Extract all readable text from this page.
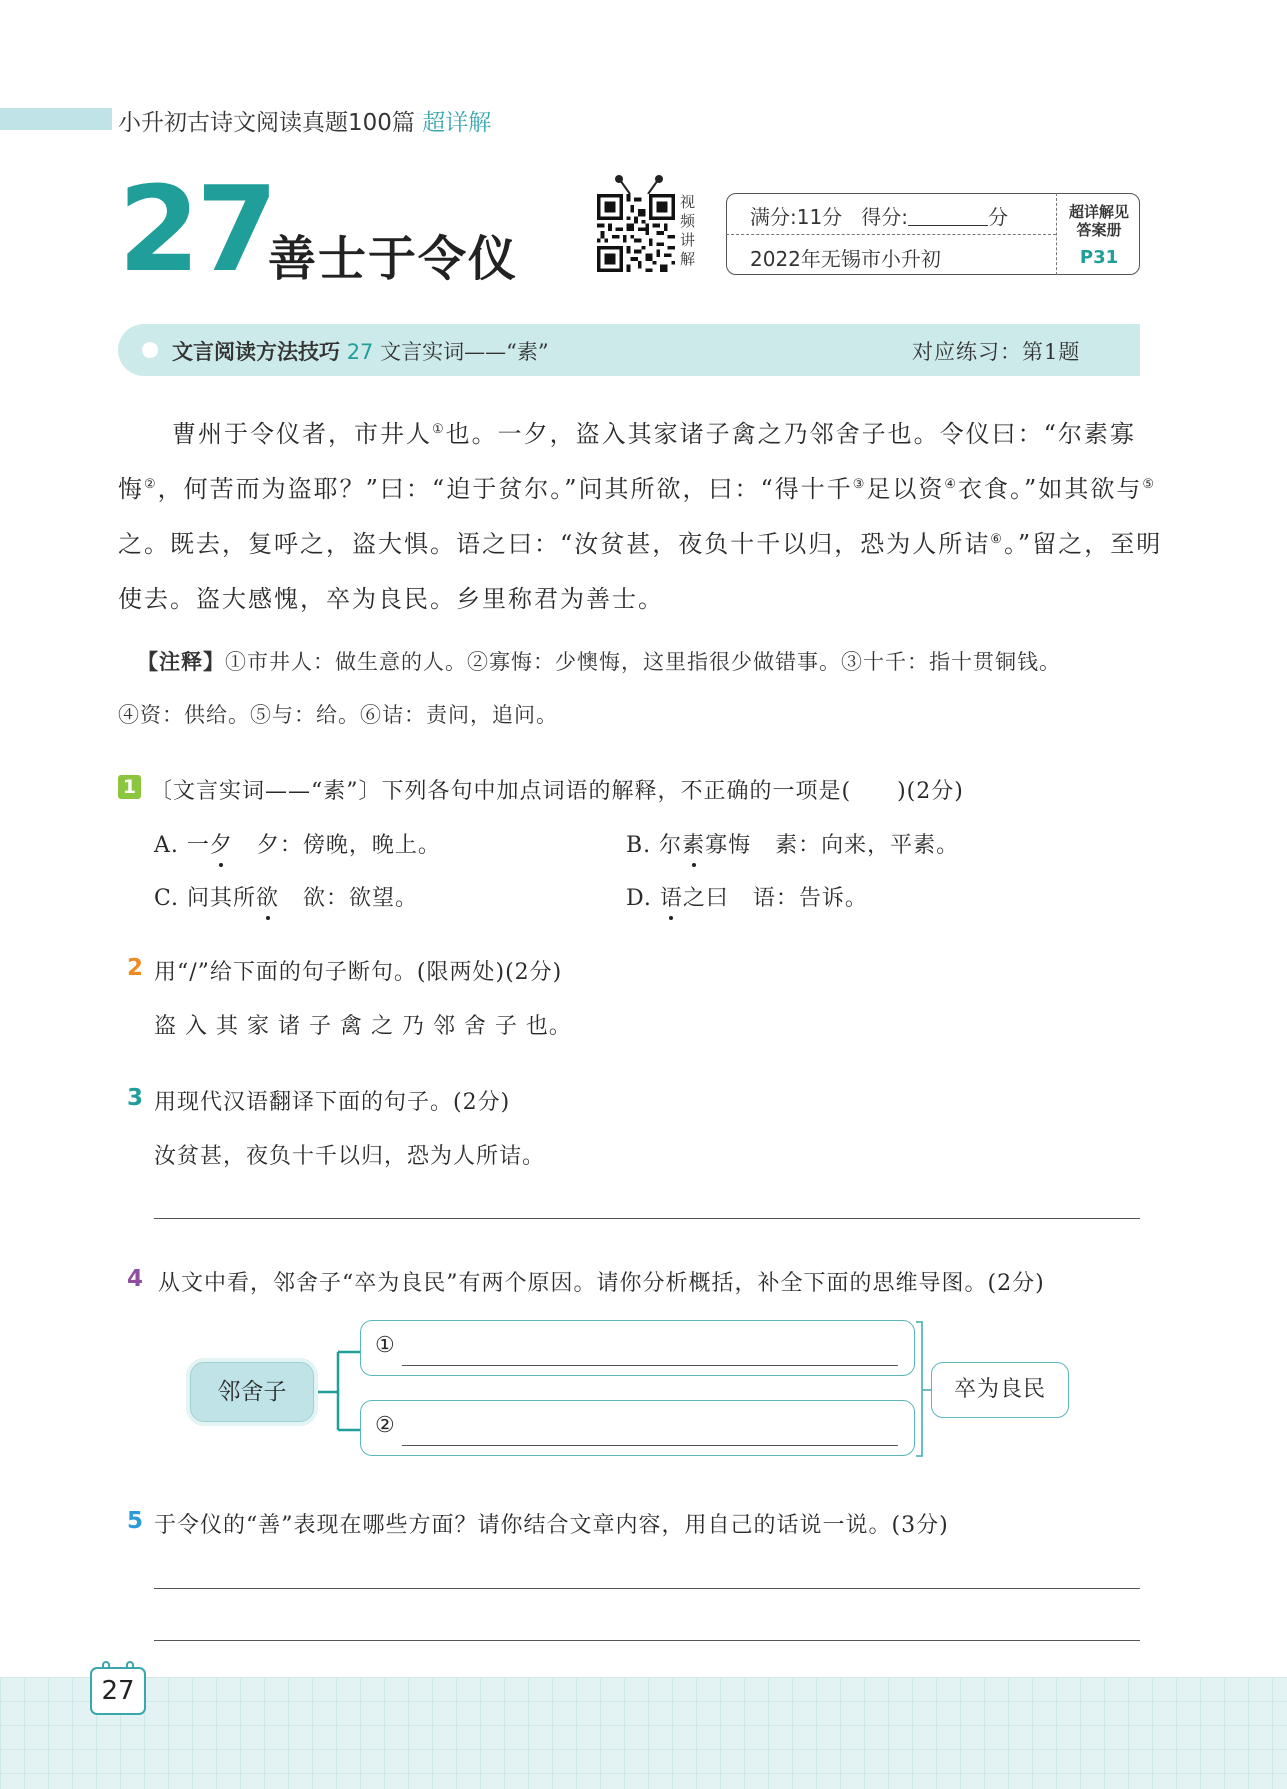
小升初古诗文阅读真题100篇 超详解
27
善士于令仪
视
频
讲
解
满分:11分 得分:	分
2022年无锡市小升初
超详解见
答案册
P31
文言阅读方法技巧 27 文言实词——“素”	对应练习：第1题
曹州于令仪者，市井人①也。一夕，盗入其家诸子禽之乃邻舍子也。令仪曰：“尔素寡
悔②，何苦而为盗耶？”曰：“迫于贫尔。”问其所欲，曰：“得十千③足以资④衣食。”如其欲与⑤
之。既去，复呼之，盗大惧。语之曰：“汝贫甚，夜负十千以归，恐为人所诘⑥。”留之，至明
使去。盗大感愧，卒为良民。乡里称君为善士。
【注释】①市井人：做生意的人。②寡悔：少懊悔，这里指很少做错事。③十千：指十贯铜钱。
④资：供给。⑤与：给。⑥诘：责问，追问。
1 〔文言实词——“素”〕下列各句中加点词语的解释，不正确的一项是(　　)(2分)
A. 一夕 夕：傍晚，晚上。	B. 尔素寡悔 素：向来，平素。
C. 问其所欲 欲：欲望。	D. 语之曰 语：告诉。
2 用“/”给下面的句子断句。(限两处)(2分)
盗 入 其 家 诸 子 禽 之 乃 邻 舍 子 也。
3 用现代汉语翻译下面的句子。(2分)
汝贫甚，夜负十千以归，恐为人所诘。
4 从文中看，邻舍子“卒为良民”有两个原因。请你分析概括，补全下面的思维导图。(2分)
邻舍子
①
②
卒为良民
5 于令仪的“善”表现在哪些方面？请你结合文章内容，用自己的话说一说。(3分)
27
